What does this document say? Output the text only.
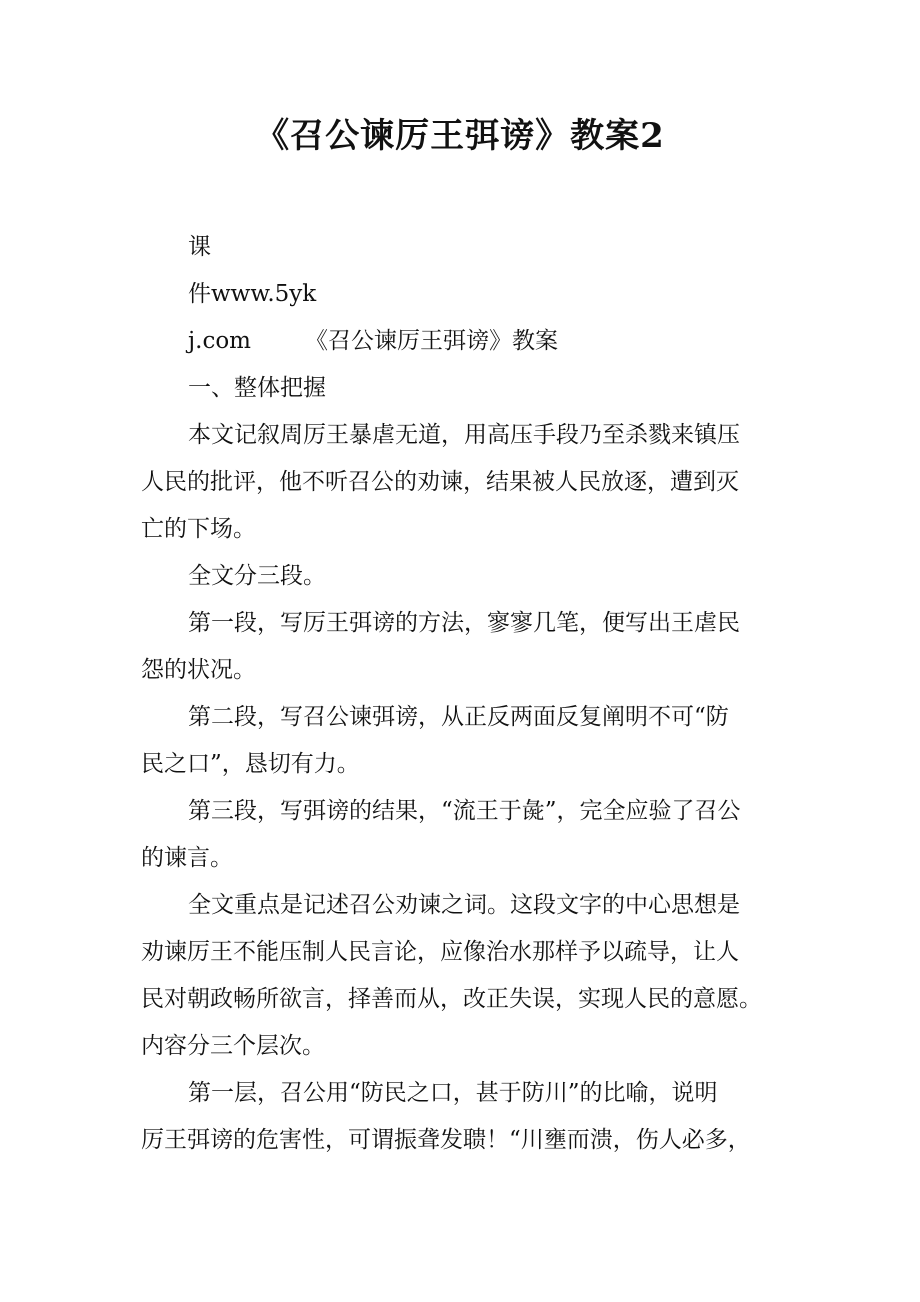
《召公谏厉王弭谤》教案2
课
件www.5yk
j.com 《召公谏厉王弭谤》教案
一、整体把握
本文记叙周厉王暴虐无道，用高压手段乃至杀戮来镇压
人民的批评，他不听召公的劝谏，结果被人民放逐，遭到灭
亡的下场。
全文分三段。
第一段，写厉王弭谤的方法，寥寥几笔，便写出王虐民
怨的状况。
第二段，写召公谏弭谤，从正反两面反复阐明不可“防
民之口”，恳切有力。
第三段，写弭谤的结果，“流王于彘”，完全应验了召公
的谏言。
全文重点是记述召公劝谏之词。这段文字的中心思想是
劝谏厉王不能压制人民言论，应像治水那样予以疏导，让人
民对朝政畅所欲言，择善而从，改正失误，实现人民的意愿。
内容分三个层次。
第一层，召公用“防民之口，甚于防川”的比喻，说明
厉王弭谤的危害性，可谓振聋发聩！“川壅而溃，伤人必多，
